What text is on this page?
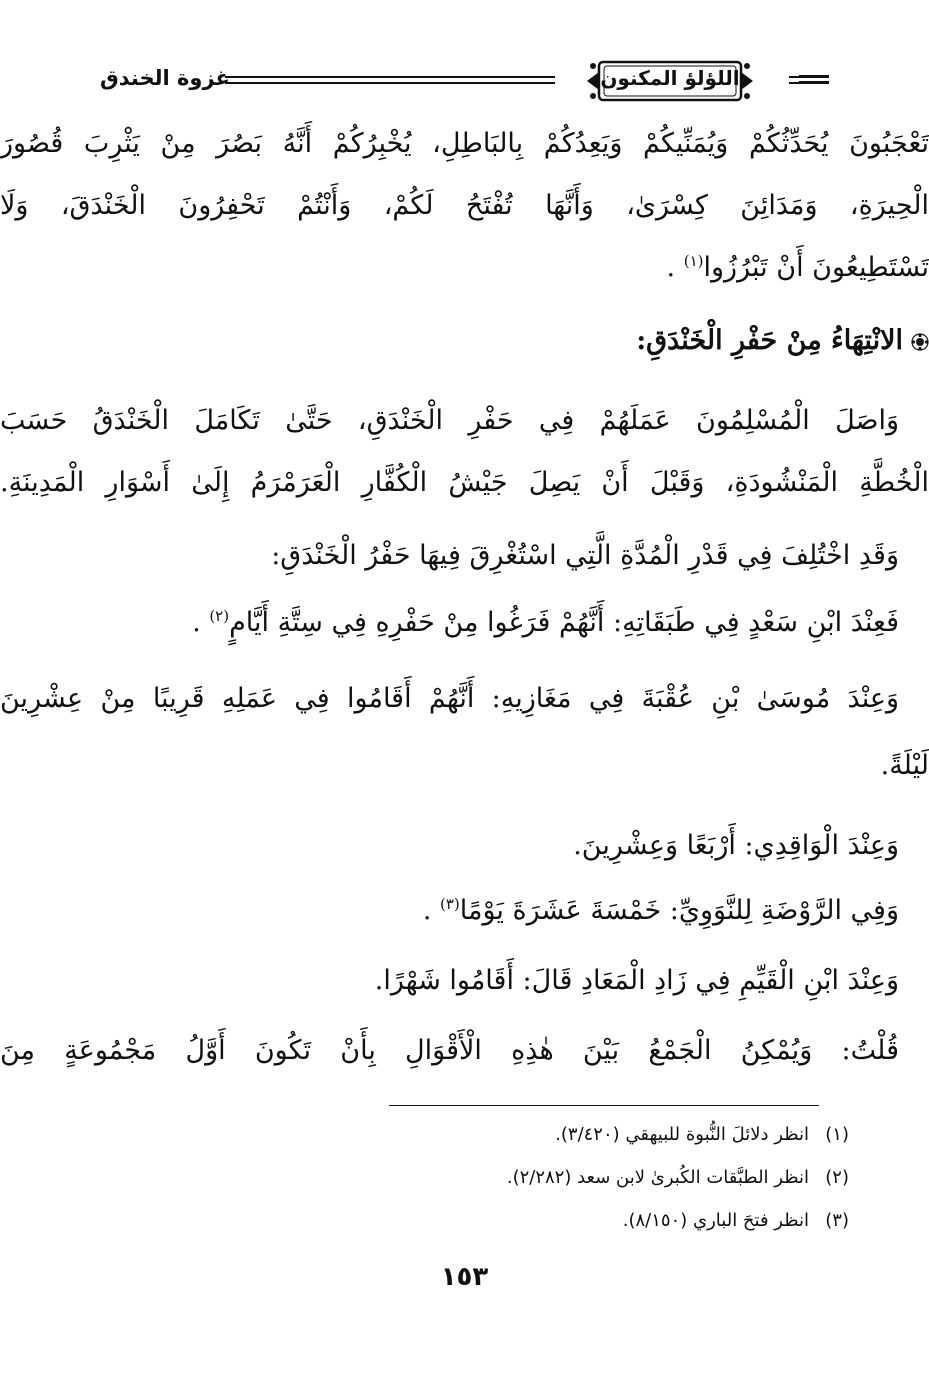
اللؤلؤ المكنون
غزوة الخندق
تَعْجَبُونَ يُحَدِّثُكُمْ وَيُمَنِّيكُمْ وَيَعِدُكُمْ بِالبَاطِلِ، يُخْبِرُكُمْ أَنَّهُ بَصُرَ مِنْ يَثْرِبَ قُصُورَ
الْحِيرَةِ، وَمَدَائِنَ كِسْرَىٰ، وَأَنَّهَا تُفْتَحُ لَكُمْ، وَأَنْتُمْ تَحْفِرُونَ الْخَنْدَقَ، وَلَا
تَسْتَطِيعُونَ أَنْ تَبْرُزُوا$^{(١)}$ .
الانْتِهَاءُ مِنْ حَفْرِ الْخَنْدَقِ:
وَاصَلَ الْمُسْلِمُونَ عَمَلَهُمْ فِي حَفْرِ الْخَنْدَقِ، حَتَّىٰ تَكَامَلَ الْخَنْدَقُ حَسَبَ
الْخُطَّةِ الْمَنْشُودَةِ، وَقَبْلَ أَنْ يَصِلَ جَيْشُ الْكُفَّارِ الْعَرَمْرَمُ إِلَىٰ أَسْوَارِ الْمَدِينَةِ.
وَقَدِ اخْتُلِفَ فِي قَدْرِ الْمُدَّةِ الَّتِي اسْتُغْرِقَ فِيهَا حَفْرُ الْخَنْدَقِ:
فَعِنْدَ ابْنِ سَعْدٍ فِي طَبَقَاتِهِ: أَنَّهُمْ فَرَغُوا مِنْ حَفْرِهِ فِي سِتَّةِ أَيَّامٍ$^{(٢)}$ .
وَعِنْدَ مُوسَىٰ بْنِ عُقْبَةَ فِي مَغَازِيهِ: أَنَّهُمْ أَقَامُوا فِي عَمَلِهِ قَرِيبًا مِنْ عِشْرِينَ
لَيْلَةً.
وَعِنْدَ الْوَاقِدِي: أَرْبَعًا وَعِشْرِينَ.
وَفِي الرَّوْضَةِ لِلنَّوَوِيِّ: خَمْسَةَ عَشَرَةَ يَوْمًا$^{(٣)}$ .
وَعِنْدَ ابْنِ الْقَيِّمِ فِي زَادِ الْمَعَادِ قَالَ: أَقَامُوا شَهْرًا.
قُلْتُ: وَيُمْكِنُ الْجَمْعُ بَيْنَ هٰذِهِ الْأَقْوَالِ بِأَنْ تَكُونَ أَوَّلُ مَجْمُوعَةٍ مِنَ
(١)انظر دلائلَ النُّبوة للبيهقي (٣/٤٢٠).
(٢)انظر الطبَّقات الكُبرىٰ لابن سعد (٢/٢٨٢).
(٣)انظر فتحَ الباري (٨/١٥٠).
١٥٣
